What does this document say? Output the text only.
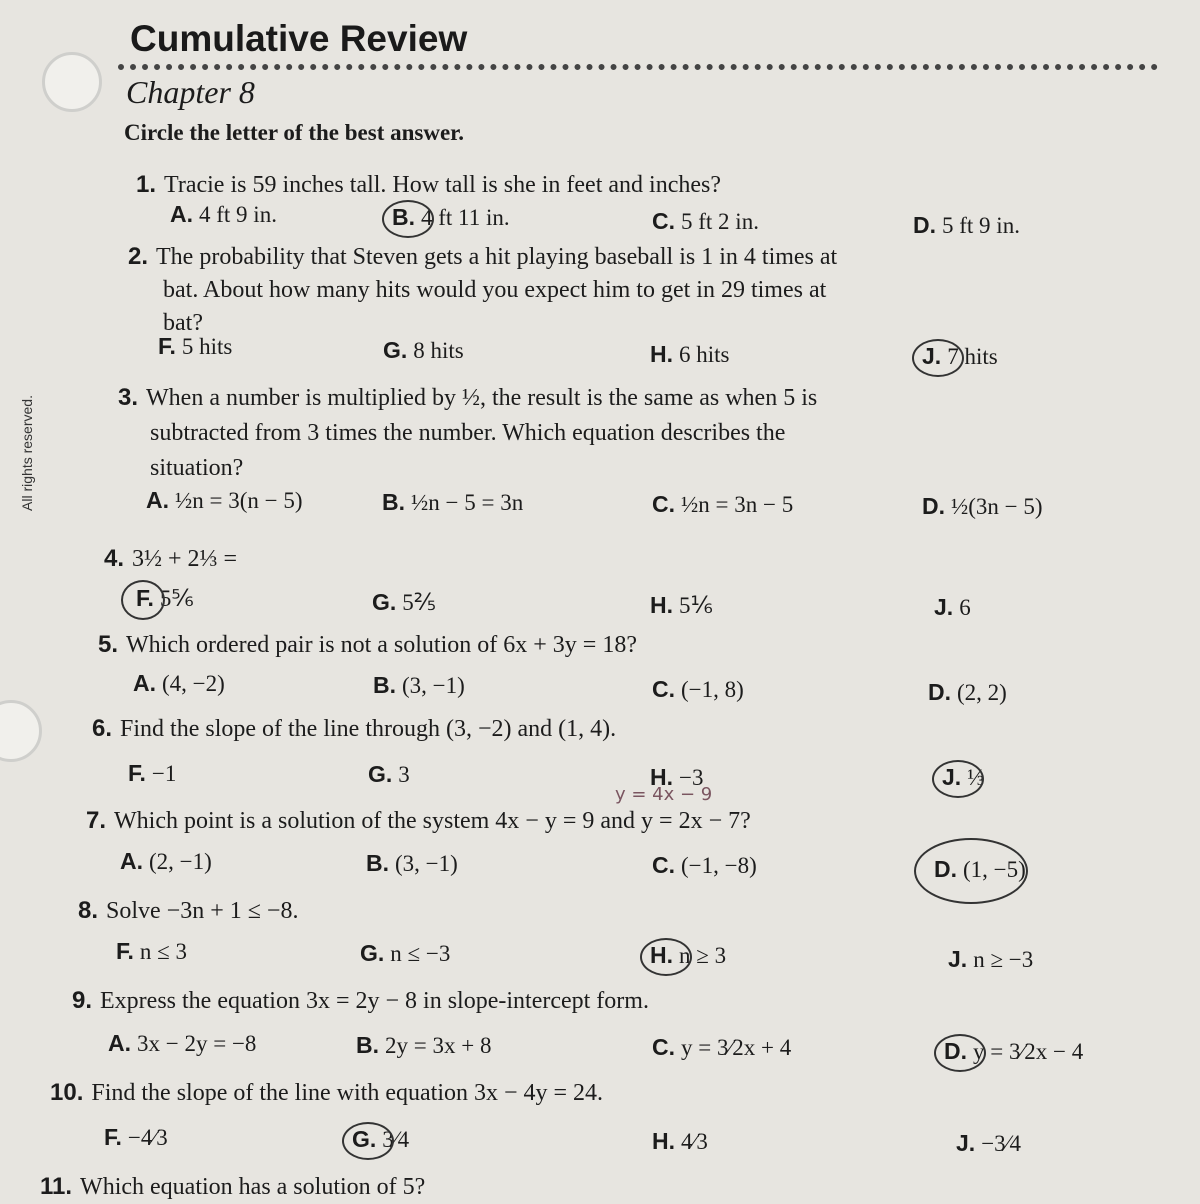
All rights reserved.
Cumulative Review
Chapter 8
Circle the letter of the best answer.
1. Tracie is 59 inches tall. How tall is she in feet and inches?
A. 4 ft 9 in.	B. 4 ft 11 in.	C. 5 ft 2 in.	D. 5 ft 9 in.
2. The probability that Steven gets a hit playing baseball is 1 in 4 times at
bat. About how many hits would you expect him to get in 29 times at
bat?
F. 5 hits	G. 8 hits	H. 6 hits	J. 7 hits
3. When a number is multiplied by ½, the result is the same as when 5 is
subtracted from 3 times the number. Which equation describes the
situation?
A. ½n = 3(n − 5)	B. ½n − 5 = 3n	C. ½n = 3n − 5	D. ½(3n − 5)
4. 3½ + 2⅓ =
F. 5⅚	G. 5⅖	H. 5⅙	J. 6
5. Which ordered pair is not a solution of 6x + 3y = 18?
A. (4, −2)	B. (3, −1)	C. (−1, 8)	D. (2, 2)
6. Find the slope of the line through (3, −2) and (1, 4).
F. −1	G. 3	H. −3	J. ⅓
y = 4x − 9
7. Which point is a solution of the system 4x − y = 9 and y = 2x − 7?
A. (2, −1)	B. (3, −1)	C. (−1, −8)	D. (1, −5)
8. Solve −3n + 1 ≤ −8.
F. n ≤ 3	G. n ≤ −3	H. n ≥ 3	J. n ≥ −3
9. Express the equation 3x = 2y − 8 in slope-intercept form.
A. 3x − 2y = −8	B. 2y = 3x + 8	C. y = 3⁄2x + 4	D. y = 3⁄2x − 4
10. Find the slope of the line with equation 3x − 4y = 24.
F. −4⁄3	G. 3⁄4	H. 4⁄3	J. −3⁄4
11. Which equation has a solution of 5?
